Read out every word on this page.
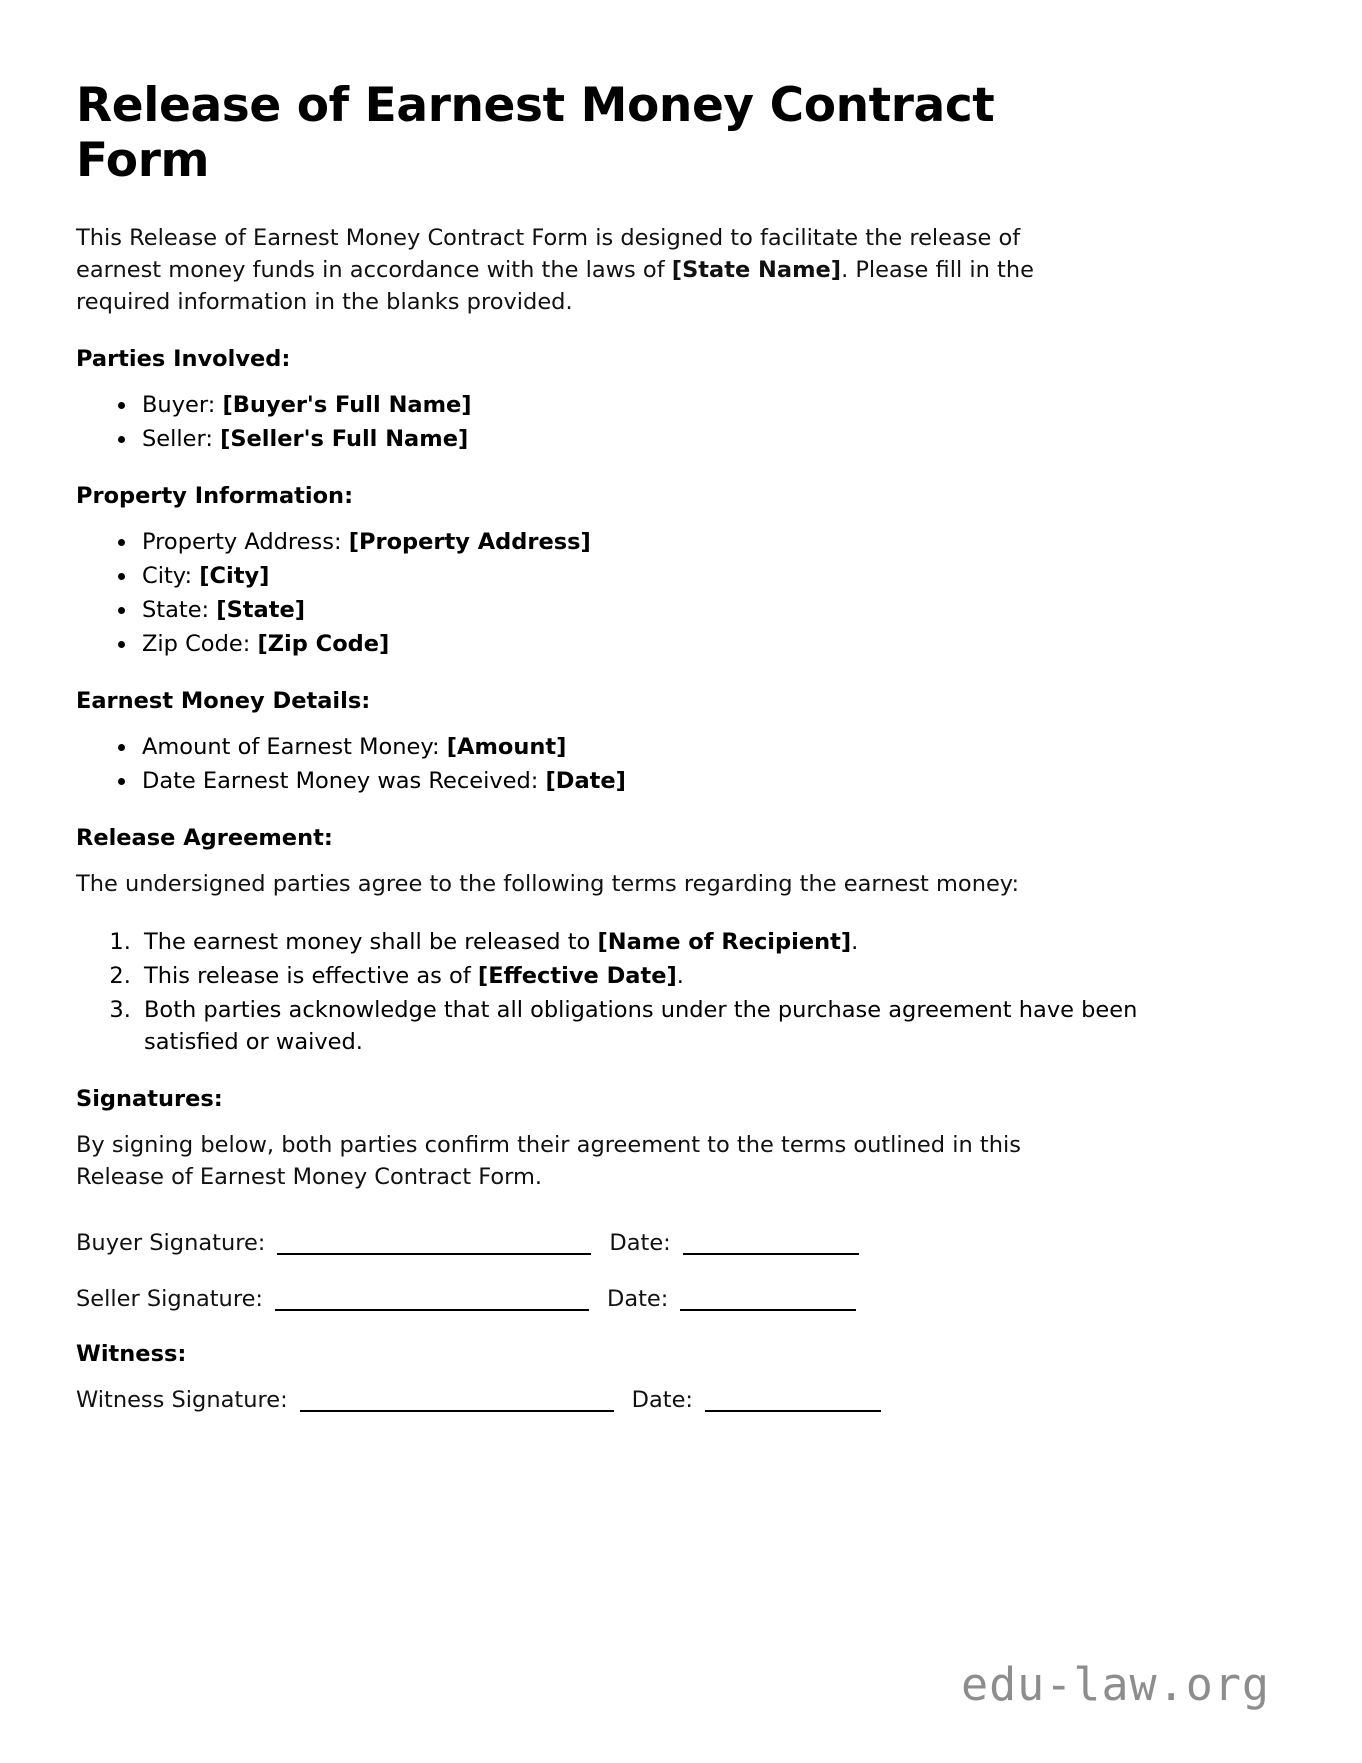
Release of Earnest Money Contract Form

This Release of Earnest Money Contract Form is designed to facilitate the release of earnest money funds in accordance with the laws of [State Name]. Please fill in the required information in the blanks provided.

Parties Involved:
• Buyer: [Buyer's Full Name]
• Seller: [Seller's Full Name]
Property Information:
• Property Address: [Property Address]
• City: [City]
• State: [State]
• Zip Code: [Zip Code]
Earnest Money Details:
• Amount of Earnest Money: [Amount]
• Date Earnest Money was Received: [Date]
Release Agreement:

The undersigned parties agree to the following terms regarding the earnest money:

1. The earnest money shall be released to [Name of Recipient].
2. This release is effective as of [Effective Date].
3. Both parties acknowledge that all obligations under the purchase agreement have been satisfied or waived.
Signatures:

By signing below, both parties confirm their agreement to the terms outlined in this Release of Earnest Money Contract Form.

Buyer Signature:	Date:
Seller Signature:	Date:
Witness:
Witness Signature:	Date:
edu-law.org
